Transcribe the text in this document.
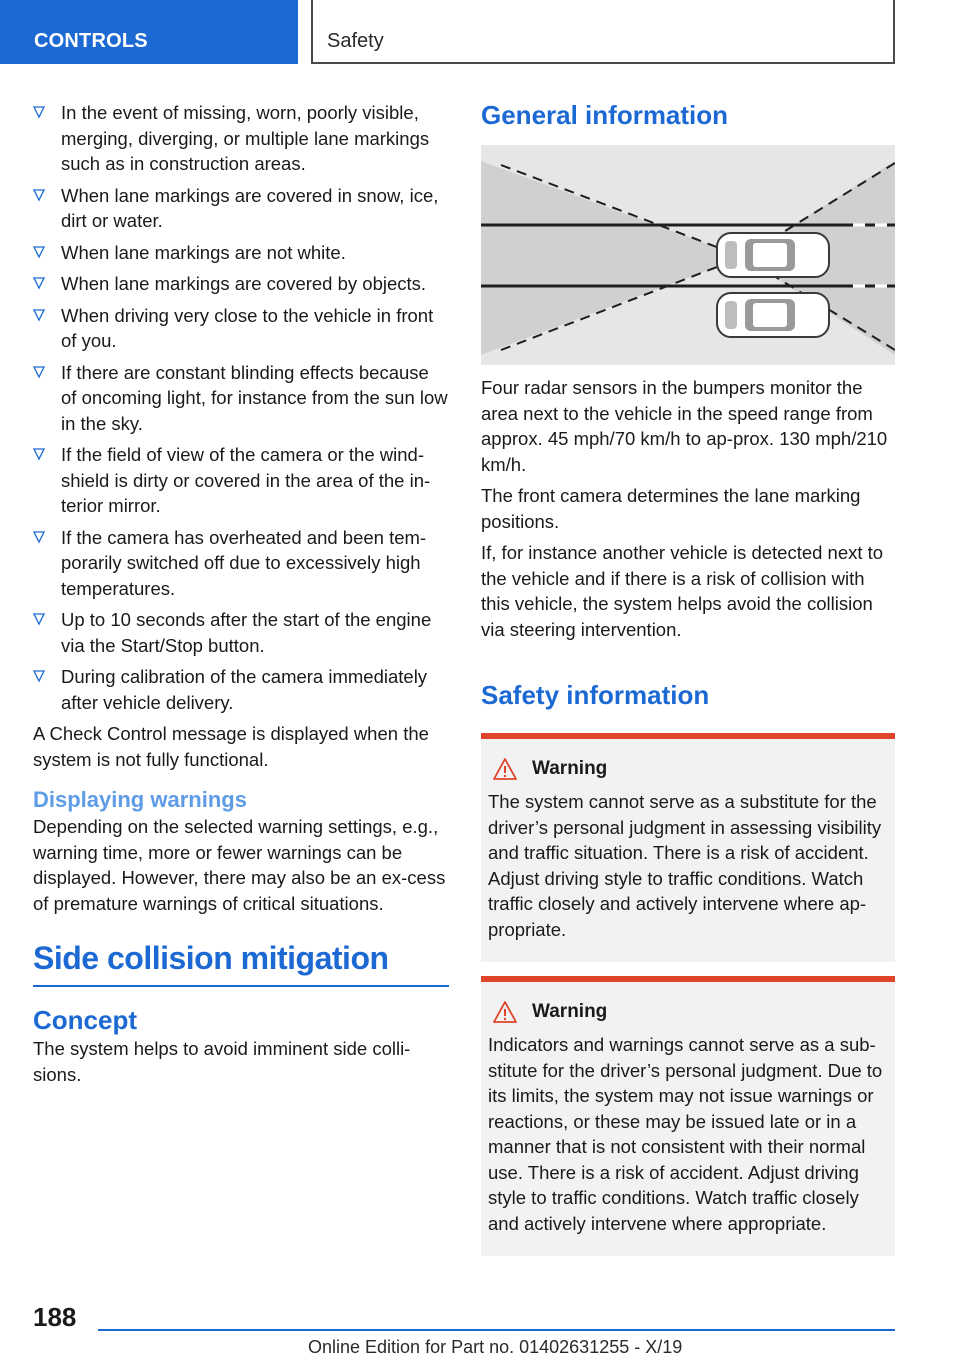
CONTROLS	Safety
In the event of missing, worn, poorly visible, merging, diverging, or multiple lane markings such as in construction areas.
When lane markings are covered in snow, ice, dirt or water.
When lane markings are not white.
When lane markings are covered by objects.
When driving very close to the vehicle in front of you.
If there are constant blinding effects because of oncoming light, for instance from the sun low in the sky.
If the field of view of the camera or the wind-shield is dirty or covered in the area of the in-terior mirror.
If the camera has overheated and been tem-porarily switched off due to excessively high temperatures.
Up to 10 seconds after the start of the engine via the Start/Stop button.
During calibration of the camera immediately after vehicle delivery.

A Check Control message is displayed when the system is not fully functional.

Displaying warnings

Depending on the selected warning settings, e.g., warning time, more or fewer warnings can be displayed. However, there may also be an ex-cess of premature warnings of critical situations.

Side collision mitigation
Concept

The system helps to avoid imminent side colli-sions.

General information

Four radar sensors in the bumpers monitor the area next to the vehicle in the speed range from approx. 45 mph/70 km/h to ap-prox. 130 mph/210 km/h.

The front camera determines the lane marking positions.

If, for instance another vehicle is detected next to the vehicle and if there is a risk of collision with this vehicle, the system helps avoid the collision via steering intervention.

Safety information
Warning

The system cannot serve as a substitute for the driver’s personal judgment in assessing visibility and traffic situation. There is a risk of accident. Adjust driving style to traffic conditions. Watch traffic closely and actively intervene where ap-propriate.

Warning

Indicators and warnings cannot serve as a sub-stitute for the driver’s personal judgment. Due to its limits, the system may not issue warnings or reactions, or these may be issued late or in a manner that is not consistent with their normal use. There is a risk of accident. Adjust driving style to traffic conditions. Watch traffic closely and actively intervene where appropriate.

188
Online Edition for Part no. 01402631255 - X/19
